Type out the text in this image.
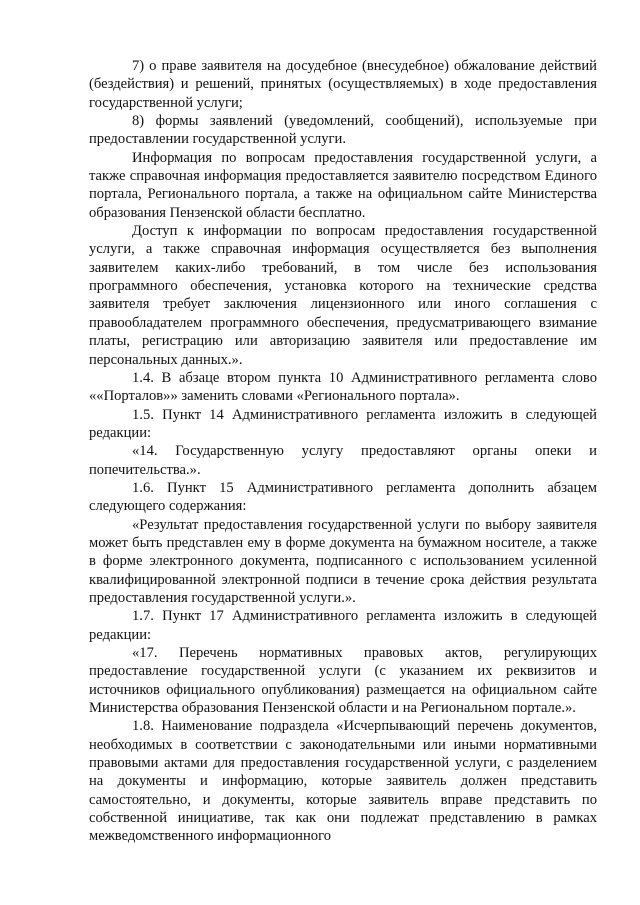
7) о праве заявителя на досудебное (внесудебное) обжалование действий (бездействия) и решений, принятых (осуществляемых) в ходе предоставления государственной услуги;

8) формы заявлений (уведомлений, сообщений), используемые при предоставлении государственной услуги.

Информация по вопросам предоставления государственной услуги, а также справочная информация предоставляется заявителю посредством Единого портала, Регионального портала, а также на официальном сайте Министерства образования Пензенской области бесплатно.

Доступ к информации по вопросам предоставления государственной услуги, а также справочная информация осуществляется без выполнения заявителем каких-либо требований, в том числе без использования программного обеспечения, установка которого на технические средства заявителя требует заключения лицензионного или иного соглашения с правообладателем программного обеспечения, предусматривающего взимание платы, регистрацию или авторизацию заявителя или предоставление им персональных данных.».

1.4. В абзаце втором пункта 10 Административного регламента слово ««Порталов»» заменить словами «Регионального портала».

1.5. Пункт 14 Административного регламента изложить в следующей редакции:

«14. Государственную услугу предоставляют органы опеки и попечительства.».

1.6. Пункт 15 Административного регламента дополнить абзацем следующего содержания:

«Результат предоставления государственной услуги по выбору заявителя может быть представлен ему в форме документа на бумажном носителе, а также в форме электронного документа, подписанного с использованием усиленной квалифицированной электронной подписи в течение срока действия результата предоставления государственной услуги.».

1.7. Пункт 17 Административного регламента изложить в следующей редакции:

«17. Перечень нормативных правовых актов, регулирующих предоставление государственной услуги (с указанием их реквизитов и источников официального опубликования) размещается на официальном сайте Министерства образования Пензенской области и на Региональном портале.».

1.8. Наименование подраздела «Исчерпывающий перечень документов, необходимых в соответствии с законодательными или иными нормативными правовыми актами для предоставления государственной услуги, с разделением на документы и информацию, которые заявитель должен представить самостоятельно, и документы, которые заявитель вправе представить по собственной инициативе, так как они подлежат представлению в рамках межведомственного информационного
